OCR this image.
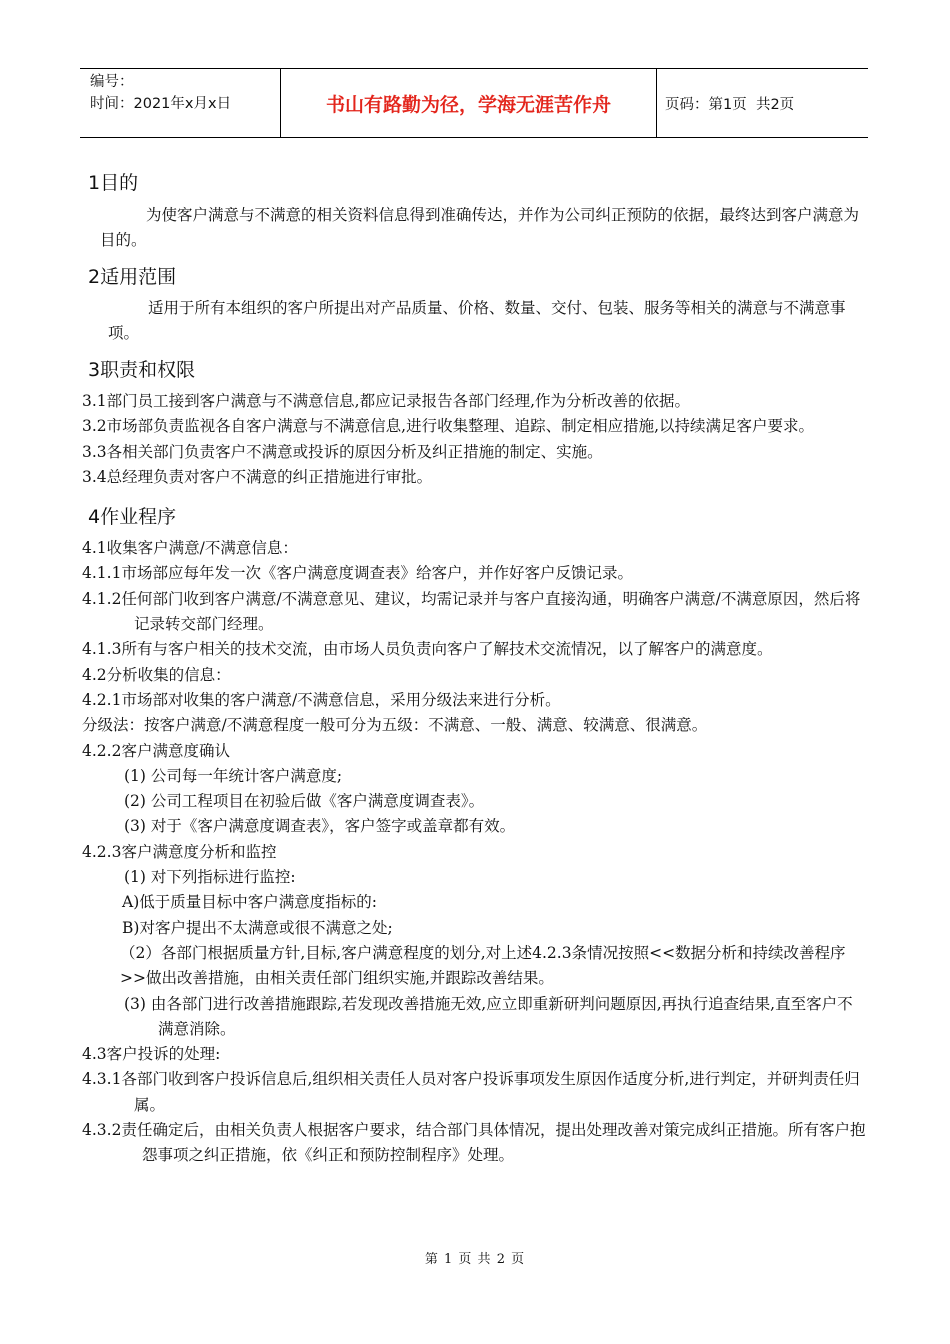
编号：
时间：2021年x月x日	书山有路勤为径，学海无涯苦作舟	页码：第1页  共2页
1目的

为使客户满意与不满意的相关资料信息得到准确传达，并作为公司纠正预防的依据，最终达到客户满意为目的。

2适用范围

适用于所有本组织的客户所提出对产品质量、价格、数量、交付、包装、服务等相关的满意与不满意事项。

3职责和权限

3.1部门员工接到客户满意与不满意信息,都应记录报告各部门经理,作为分析改善的依据。

3.2市场部负责监视各自客户满意与不满意信息,进行收集整理、追踪、制定相应措施,以持续满足客户要求。

3.3各相关部门负责客户不满意或投诉的原因分析及纠正措施的制定、实施。

3.4总经理负责对客户不满意的纠正措施进行审批。

4作业程序

4.1收集客户满意/不满意信息：

4.1.1市场部应每年发一次《客户满意度调查表》给客户，并作好客户反馈记录。

4.1.2任何部门收到客户满意/不满意意见、建议，均需记录并与客户直接沟通，明确客户满意/不满意原因，然后将记录转交部门经理。

4.1.3所有与客户相关的技术交流，由市场人员负责向客户了解技术交流情况，以了解客户的满意度。

4.2分析收集的信息：

4.2.1市场部对收集的客户满意/不满意信息，采用分级法来进行分析。

分级法：按客户满意/不满意程度一般可分为五级：不满意、一般、满意、较满意、很满意。

4.2.2客户满意度确认

(1) 公司每一年统计客户满意度;

(2) 公司工程项目在初验后做《客户满意度调查表》。

(3) 对于《客户满意度调查表》，客户签字或盖章都有效。

4.2.3客户满意度分析和监控

(1) 对下列指标进行监控:

A)低于质量目标中客户满意度指标的:

B)对客户提出不太满意或很不满意之处;

（2）各部门根据质量方针,目标,客户满意程度的划分,对上述4.2.3条情况按照<<数据分析和持续改善程序>>做出改善措施，由相关责任部门组织实施,并跟踪改善结果。

(3) 由各部门进行改善措施跟踪,若发现改善措施无效,应立即重新研判问题原因,再执行追查结果,直至客户不满意消除。

4.3客户投诉的处理:

4.3.1各部门收到客户投诉信息后,组织相关责任人员对客户投诉事项发生原因作适度分析,进行判定，并研判责任归属。

4.3.2责任确定后，由相关负责人根据客户要求，结合部门具体情况，提出处理改善对策完成纠正措施。所有客户抱怨事项之纠正措施，依《纠正和预防控制程序》处理。

第 1 页 共 2 页
